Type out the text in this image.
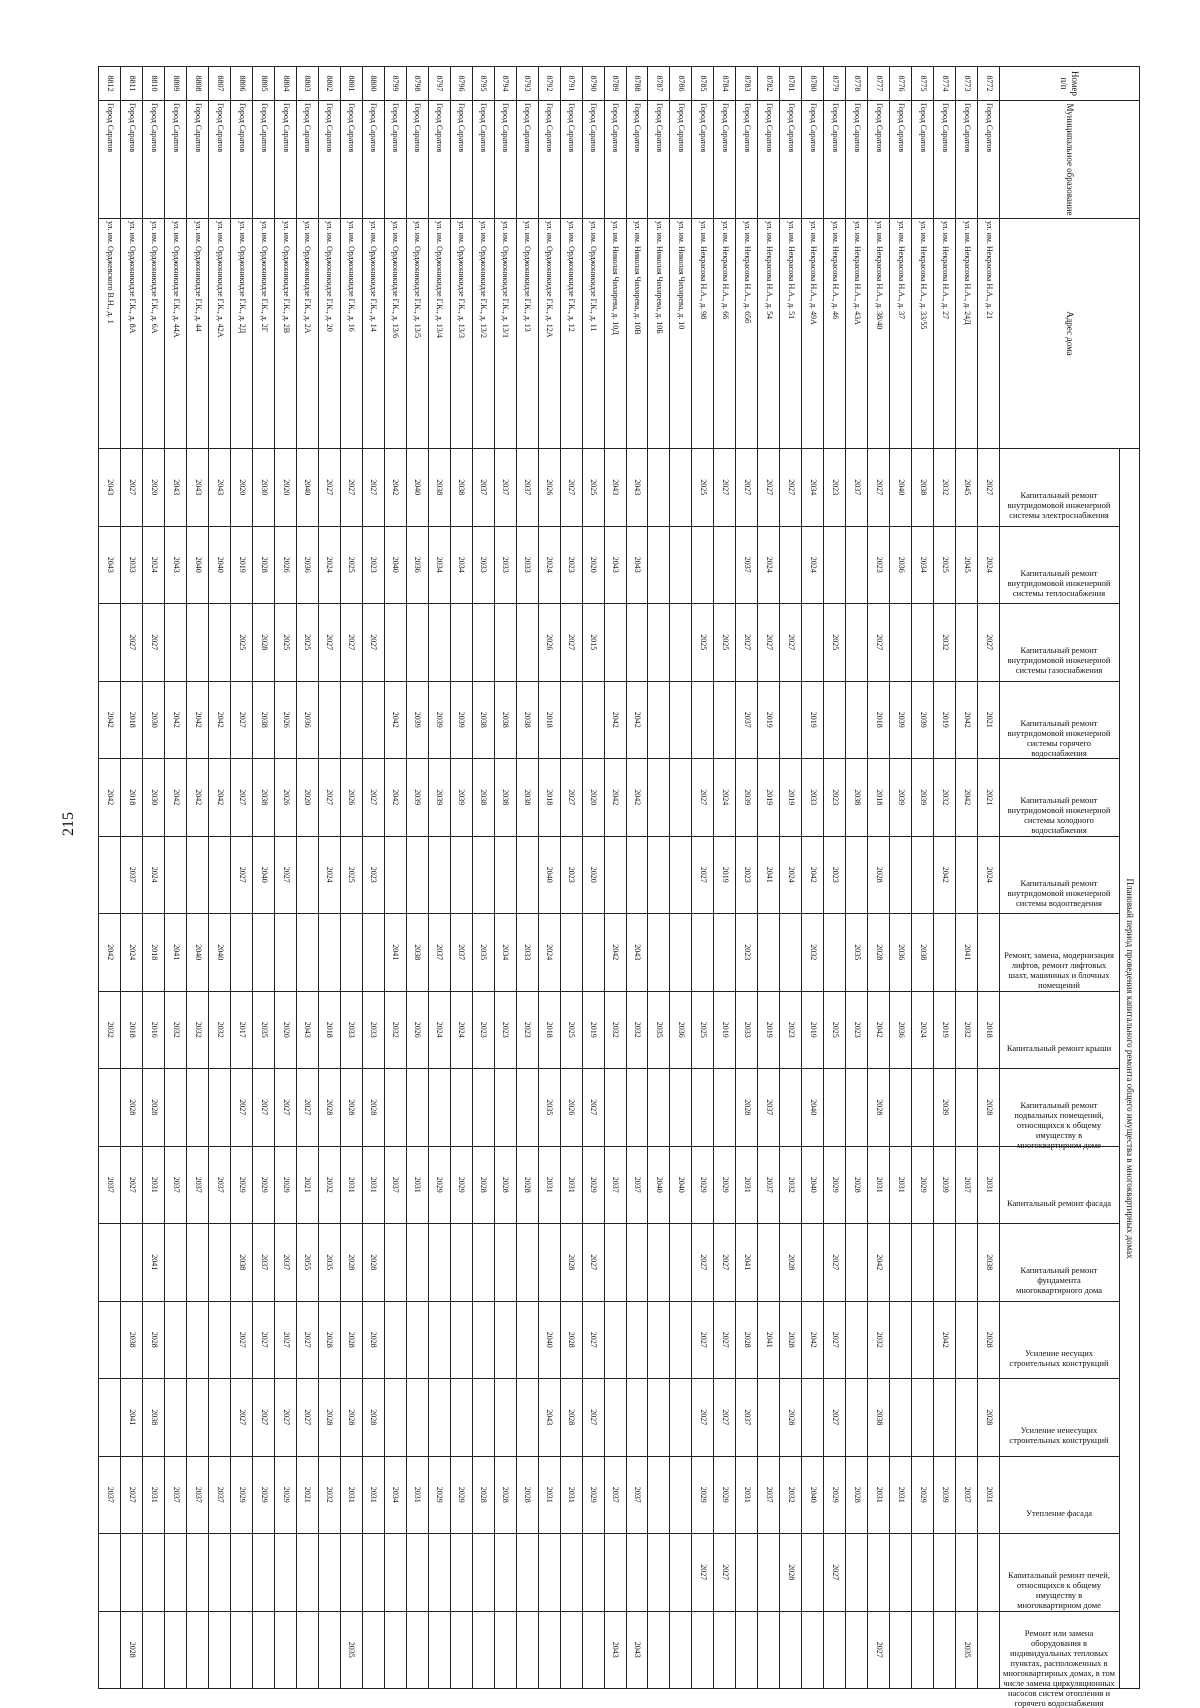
215
Номер п/п	Муниципальное образование	Адрес дома	Плановый период проведения капитального ремонта общего имущества в многоквартирных домах															

			Капитальный ремонт внутридомовой инженерной системы электроснабжения	Капитальный ремонт внутридомовой инженерной системы теплоснабжения	Капитальный ремонт внутридомовой инженерной системы газоснабжения	Капитальный ремонт внутридомовой инженерной системы горячего водоснабжения	Капитальный ремонт внутридомовой инженерной системы холодного водоснабжения	Капитальный ремонт внутридомовой инженерной системы водоотведения	Ремонт, замена, модернизация лифтов, ремонт лифтовых шахт, машинных и блочных помещений	Капитальный ремонт крыши	Капитальный ремонт подвальных помещений, относящихся к общему имуществу в многоквартирном доме	Капитальный ремонт фасада	Капитальный ремонт фундамента многоквартирного дома	Усиление несущих строительных конструкций	Усиление ненесущих строительных конструкций	Утепление фасада	Капитальный ремонт печей, относящихся к общему имуществу в многоквартирном доме	Ремонт или замена оборудования в индивидуальных тепловых пунктах, расположенных в многоквартирных домах, в том числе замена циркуляционных насосов систем отопления и горячего водоснабжения

8772	Город Саратов	ул. им. Некрасова Н.А., д. 21	2027	2024	2027	2021	2021	2024		2018	2028	2031	2038	2028	2028	2031		
8773	Город Саратов	ул. им. Некрасова Н.А., д. 24Д	2045	2045		2042	2042		2041	2032		2037				2037		2035
8774	Город Саратов	ул. им. Некрасова Н.А., д. 27	2032	2025	2032	2019	2032	2042		2019	2039	2039		2042		2039		
8775	Город Саратов	ул. им. Некрасова Н.А., д. 33/55	2038	2034		2039	2039		2038	2024		2029				2029		
8776	Город Саратов	ул. им. Некрасова Н.А., д. 37	2040	2036		2039	2039		2036	2036		2031				2031		
8777	Город Саратов	ул. им. Некрасова Н.А., д. 38/40	2027	2023	2027	2018	2018	2028	2028	2042	2028	2031	2042	2032	2038	2031		2027
8778	Город Саратов	ул. им. Некрасова Н.А., д. 43А	2037				2038		2035	2023		2028				2028		
8779	Город Саратов	ул. им. Некрасова Н.А., д. 46	2023		2025		2023	2023		2025		2029	2027	2027	2027	2029	2027	
8780	Город Саратов	ул. им. Некрасова Н.А., д. 49А	2034	2024		2019	2033	2042	2032	2019	2040	2040		2042		2040		
8781	Город Саратов	ул. им. Некрасова Н.А., д. 51	2027		2027		2019	2024		2023		2032	2028	2028	2028	2032	2028	
8782	Город Саратов	ул. им. Некрасова Н.А., д. 54	2027	2024	2027	2019	2019	2041		2019	2037	2037		2041		2037		
8783	Город Саратов	ул. им. Некрасова Н.А., д. 65б	2027	2037	2027	2037	2039	2023	2023	2033	2028	2031	2041	2028	2037	2031		
8784	Город Саратов	ул. им. Некрасова Н.А., д. 66	2027		2025		2024	2019		2019		2029	2027	2027	2027	2029	2027	
8785	Город Саратов	ул. им. Некрасова Н.А., д. 98	2025		2025		2027	2027		2025		2029	2027	2027	2027	2029	2027	
8786	Город Саратов	ул. им. Николая Чихирева, д. 10								2036		2040						
8787	Город Саратов	ул. им. Николая Чихирева, д. 10Б								2035		2040						
8788	Город Саратов	ул. им. Николая Чихирева, д. 10В	2043	2043		2042	2042		2043	2032		2037				2037		2043
8789	Город Саратов	ул. им. Николая Чихирева, д. 10Д	2043	2043		2042	2042		2042	2032		2037				2037		2043
8790	Город Саратов	ул. им. Орджоникидзе Г.К., д. 11	2025	2020	2015		2020	2020		2019	2027	2029	2027	2027	2027	2029		
8791	Город Саратов	ул. им. Орджоникидзе Г.К., д. 12	2027	2023	2027		2027	2023		2025	2026	2031	2028	2028	2028	2031		
8792	Город Саратов	ул. им. Орджоникидзе Г.К., д. 12А	2026	2024	2026	2018	2018	2040	2024	2018	2035	2031		2040	2043	2031		
8793	Город Саратов	ул. им. Орджоникидзе Г.К., д. 13	2037	2033		2038	2038		2033	2023		2028				2028		
8794	Город Саратов	ул. им. Орджоникидзе Г.К., д. 13/1	2037	2033		2038	2038		2034	2023		2028				2028		
8795	Город Саратов	ул. им. Орджоникидзе Г.К., д. 13/2	2037	2033		2038	2038		2035	2023		2028				2028		
8796	Город Саратов	ул. им. Орджоникидзе Г.К., д. 13/3	2038	2034		2039	2039		2037	2024		2029				2029		
8797	Город Саратов	ул. им. Орджоникидзе Г.К., д. 13/4	2038	2034		2039	2039		2037	2024		2029				2029		
8798	Город Саратов	ул. им. Орджоникидзе Г.К., д. 13/5	2040	2036		2039	2039		2038	2026		2031				2031		
8799	Город Саратов	ул. им. Орджоникидзе Г.К., д. 13/6	2042	2040		2042	2042		2041	2032		2037				2034		
8800	Город Саратов	ул. им. Орджоникидзе Г.К., д. 14	2027	2023	2027		2027	2023		2033	2028	2031	2028	2028	2028	2031		
8801	Город Саратов	ул. им. Орджоникидзе Г.К., д. 16	2027	2025	2027		2026	2025		2033	2028	2031	2028	2028	2028	2031		2035
8802	Город Саратов	ул. им. Орджоникидзе Г.К., д. 20	2027	2024	2027		2027	2024		2018	2028	2032	2035	2028	2028	2032		
8803	Город Саратов	ул. им. Орджоникидзе Г.К., д. 2А	2040	2036	2025	2036	2020			2043	2027	2021	2055	2027	2027	2021		
8804	Город Саратов	ул. им. Орджоникидзе Г.К., д. 2В	2020	2026	2025	2026	2026	2027		2020	2027	2029	2037	2027	2027	2029		
8805	Город Саратов	ул. им. Орджоникидзе Г.К., д. 2Г	2030	2028	2028	2038	2038	2040		2035	2027	2029	2037	2027	2027	2029		
8806	Город Саратов	ул. им. Орджоникидзе Г.К., д. 2Д	2020	2019	2025	2027	2027	2027		2017	2027	2029	2038	2027	2027	2029		
8807	Город Саратов	ул. им. Орджоникидзе Г.К., д. 42А	2043	2040		2042	2042		2040	2032		2037				2037		
8808	Город Саратов	ул. им. Орджоникидзе Г.К., д. 44	2043	2040		2042	2042		2040	2032		2037				2037		
8809	Город Саратов	ул. им. Орджоникидзе Г.К., д. 44А	2043	2043		2042	2042		2041	2032		2037				2037		
8810	Город Саратов	ул. им. Орджоникидзе Г.К., д. 6А	2020	2024	2027	2030	2030	2024	2018	2016	2028	2031	2041	2028	2038	2031		
8811	Город Саратов	ул. им. Орджоникидзе Г.К., д. 8А	2027	2033	2027	2018	2018	2037	2024	2018	2028	2027		2038	2041	2027		2028
8812	Город Саратов	ул. им. Орджевского В.Н., д. 1	2043	2043		2042	2042		2042	2032		2037				2037		
